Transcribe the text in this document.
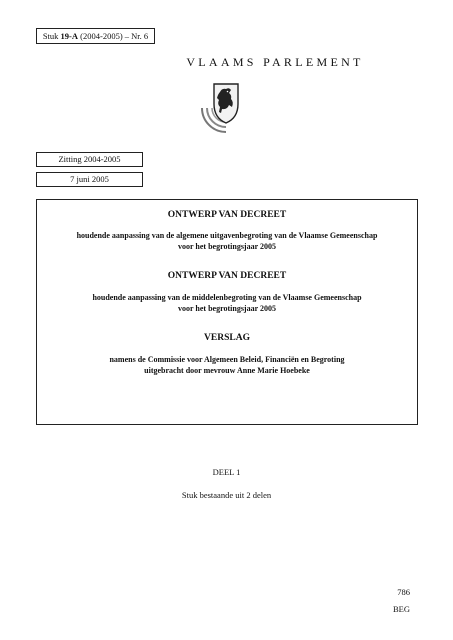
Stuk 19-A (2004-2005) – Nr. 6
VLAAMS PARLEMENT
Zitting 2004-2005
7 juni 2005
ONTWERP VAN DECREET
houdende aanpassing van de algemene uitgavenbegroting van de Vlaamse Gemeenschap
voor het begrotingsjaar 2005
ONTWERP VAN DECREET
houdende aanpassing van de middelenbegroting van de Vlaamse Gemeenschap
voor het begrotingsjaar 2005
VERSLAG
namens de Commissie voor Algemeen Beleid, Financiën en Begroting
uitgebracht door mevrouw Anne Marie Hoebeke
DEEL 1
Stuk bestaande uit 2 delen
786
BEG
